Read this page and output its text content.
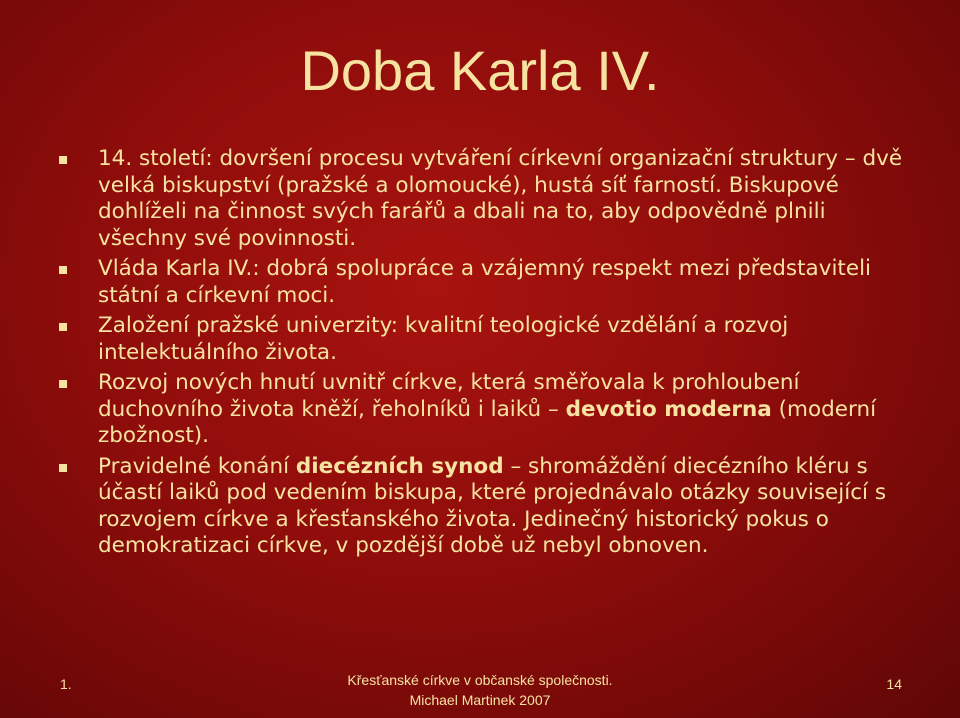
Doba Karla IV.
14. století: dovršení procesu vytváření církevní organizační struktury – dvě velká biskupství (pražské a olomoucké), hustá síť farností. Biskupové dohlíželi na činnost svých farářů a dbali na to, aby odpovědně plnili všechny své povinnosti.
Vláda Karla IV.: dobrá spolupráce a vzájemný respekt mezi představiteli státní a církevní moci.
Založení pražské univerzity: kvalitní teologické vzdělání a rozvoj intelektuálního života.
Rozvoj nových hnutí uvnitř církve, která směřovala k prohloubení duchovního života kněží, řeholníků i laiků – devotio moderna (moderní zbožnost).
Pravidelné konání diecézních synod – shromáždění diecézního kléru s účastí laiků pod vedením biskupa, které projednávalo otázky související s rozvojem církve a křesťanského života. Jedinečný historický pokus o demokratizaci církve, v pozdější době už nebyl obnoven.
1.	Křesťanské církve v občanské společnosti.
Michael Martinek 2007
14
